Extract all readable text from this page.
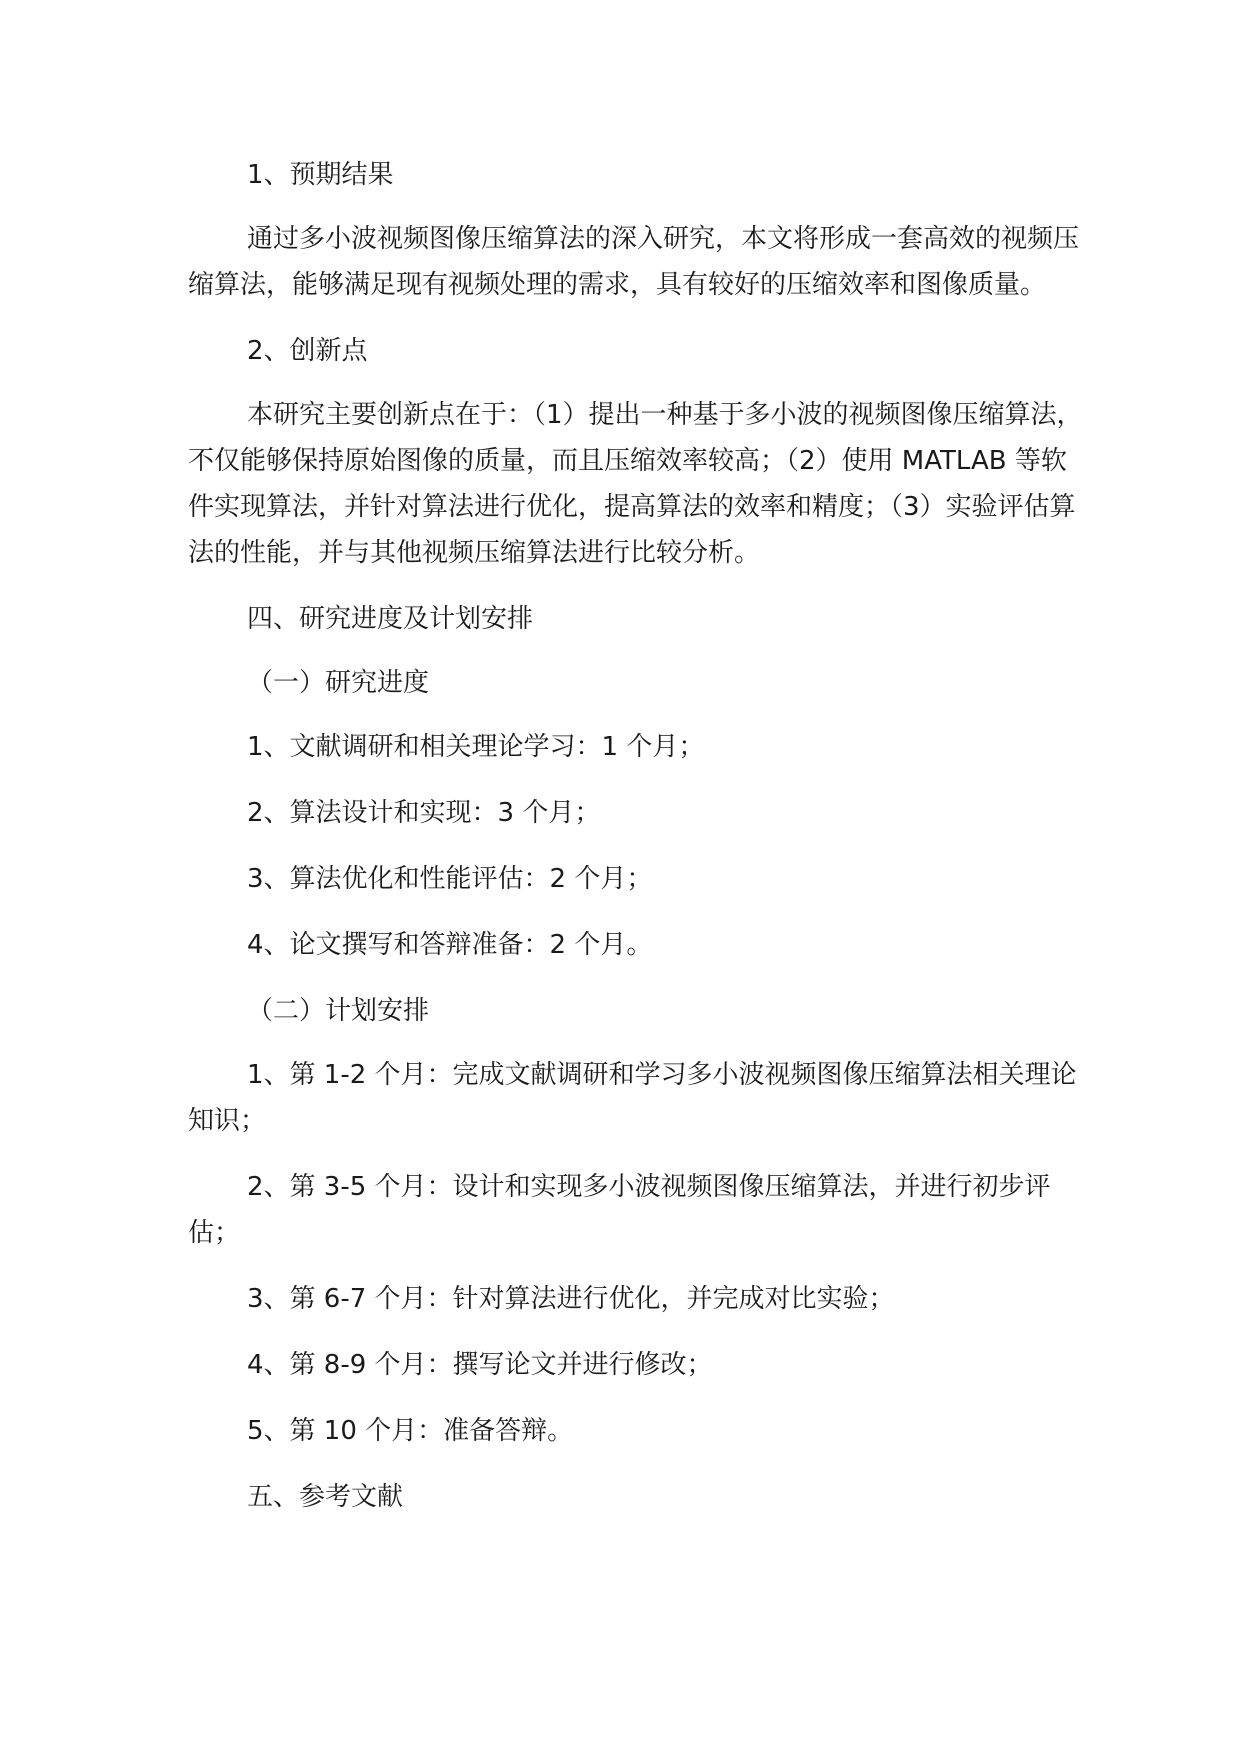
1、预期结果

通过多小波视频图像压缩算法的深入研究，本文将形成一套高效的视频压缩算法，能够满足现有视频处理的需求，具有较好的压缩效率和图像质量。

2、创新点

本研究主要创新点在于：（1）提出一种基于多小波的视频图像压缩算法，不仅能够保持原始图像的质量，而且压缩效率较高；（2）使用 MATLAB 等软件实现算法，并针对算法进行优化，提高算法的效率和精度；（3）实验评估算法的性能，并与其他视频压缩算法进行比较分析。

四、研究进度及计划安排

（一）研究进度

1、文献调研和相关理论学习：1 个月；

2、算法设计和实现：3 个月；

3、算法优化和性能评估：2 个月；

4、论文撰写和答辩准备：2 个月。

（二）计划安排

1、第 1-2 个月：完成文献调研和学习多小波视频图像压缩算法相关理论知识；

2、第 3-5 个月：设计和实现多小波视频图像压缩算法，并进行初步评估；

3、第 6-7 个月：针对算法进行优化，并完成对比实验；

4、第 8-9 个月：撰写论文并进行修改；

5、第 10 个月：准备答辩。

五、参考文献
